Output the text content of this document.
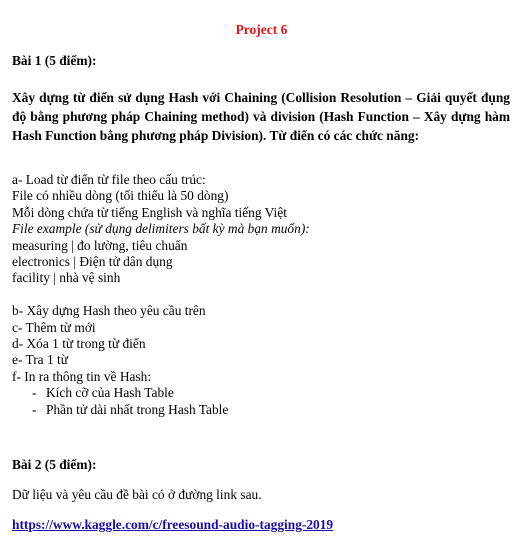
Project 6
Bài 1 (5 điểm):
Xây dựng từ điển sử dụng Hash với Chaining (Collision Resolution – Giải quyết đụng độ bằng phương pháp Chaining method) và division (Hash Function – Xây dựng hàm Hash Function bằng phương pháp Division). Từ điển có các chức năng:
a- Load từ điển từ file theo cấu trúc:
File có nhiều dòng (tối thiểu là 50 dòng)
Mỗi dòng chứa từ tiếng English và nghĩa tiếng Việt
File example (sử dụng delimiters bất kỳ mà bạn muốn):
measuring | đo lường, tiêu chuẩn
electronics | Điện tử dân dụng
facility | nhà vệ sinh
b- Xây dựng Hash theo yêu cầu trên
c- Thêm từ mới
d- Xóa 1 từ trong từ điển
e- Tra 1 từ
f- In ra thông tin về Hash:
- Kích cỡ của Hash Table
- Phần tử dài nhất trong Hash Table
Bài 2 (5 điểm):
Dữ liệu và yêu cầu đề bài có ở đường link sau.
https://www.kaggle.com/c/freesound-audio-tagging-2019
